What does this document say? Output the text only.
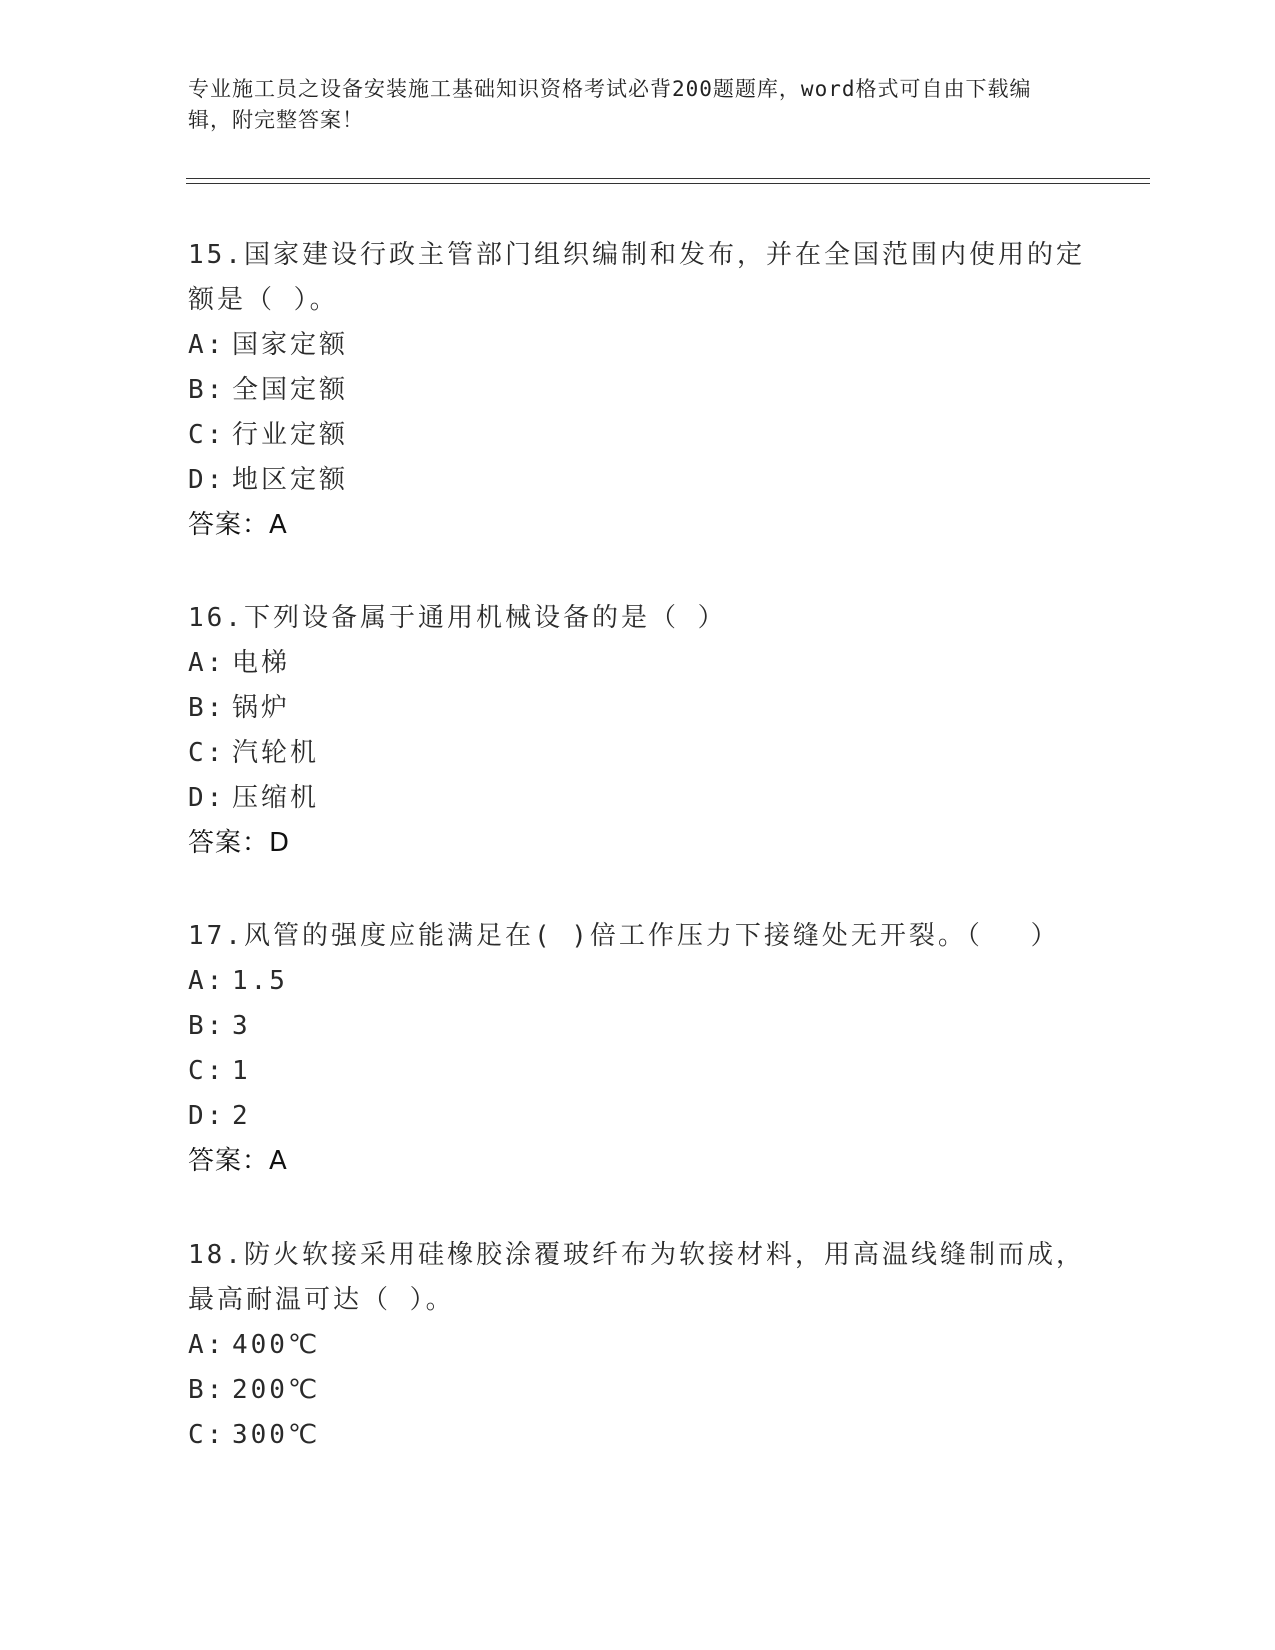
专业施工员之设备安装施工基础知识资格考试必背200题题库，word格式可自由下载编辑，附完整答案！
15.国家建设行政主管部门组织编制和发布，并在全国范围内使用的定额是（ ）。
A: 国家定额
B: 全国定额
C: 行业定额
D: 地区定额
答案：A
16.下列设备属于通用机械设备的是（ ）
A: 电梯
B: 锅炉
C: 汽轮机
D: 压缩机
答案：D
17.风管的强度应能满足在( )倍工作压力下接缝处无开裂。（　 ）
A: 1.5
B: 3
C: 1
D: 2
答案：A
18.防火软接采用硅橡胶涂覆玻纤布为软接材料，用高温线缝制而成，最高耐温可达（ ）。
A: 400℃
B: 200℃
C: 300℃
